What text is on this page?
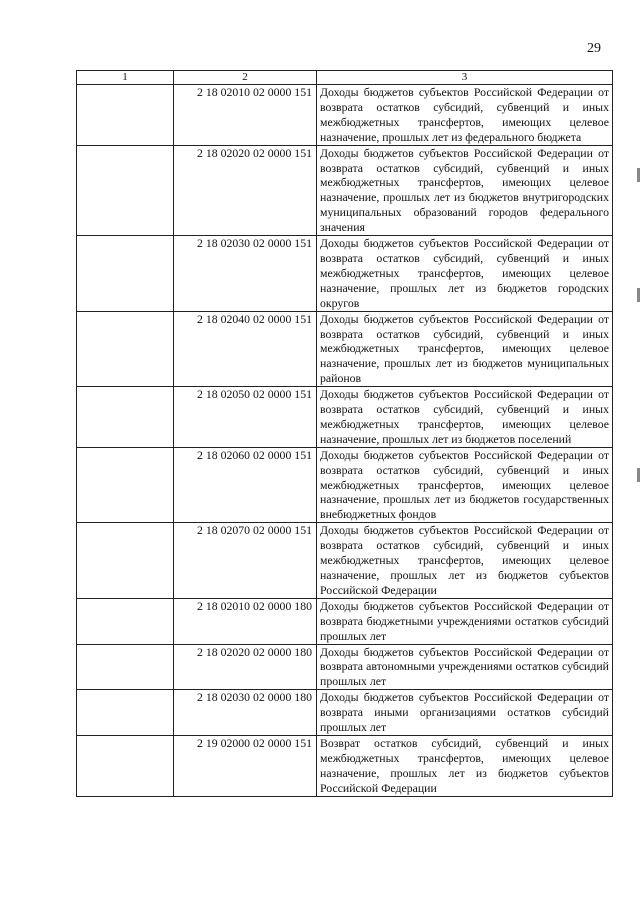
29
1	2	3
	2 18 02010 02 0000 151	Доходы бюджетов субъектов Российской Федерации от возврата остатков субсидий, субвенций и иных межбюджетных трансфертов, имеющих целевое назначение, прошлых лет из федерального бюджета
	2 18 02020 02 0000 151	Доходы бюджетов субъектов Российской Федерации от возврата остатков субсидий, субвенций и иных межбюджетных трансфертов, имеющих целевое назначение, прошлых лет из бюджетов внутригородских муниципальных образований городов федерального значения
	2 18 02030 02 0000 151	Доходы бюджетов субъектов Российской Федерации от возврата остатков субсидий, субвенций и иных межбюджетных трансфертов, имеющих целевое назначение, прошлых лет из бюджетов городских округов
	2 18 02040 02 0000 151	Доходы бюджетов субъектов Российской Федерации от возврата остатков субсидий, субвенций и иных межбюджетных трансфертов, имеющих целевое назначение, прошлых лет из бюджетов муниципальных районов
	2 18 02050 02 0000 151	Доходы бюджетов субъектов Российской Федерации от возврата остатков субсидий, субвенций и иных межбюджетных трансфертов, имеющих целевое назначение, прошлых лет из бюджетов поселений
	2 18 02060 02 0000 151	Доходы бюджетов субъектов Российской Федерации от возврата остатков субсидий, субвенций и иных межбюджетных трансфертов, имеющих целевое назначение, прошлых лет из бюджетов государственных внебюджетных фондов
	2 18 02070 02 0000 151	Доходы бюджетов субъектов Российской Федерации от возврата остатков субсидий, субвенций и иных межбюджетных трансфертов, имеющих целевое назначение, прошлых лет из бюджетов субъектов Российской Федерации
	2 18 02010 02 0000 180	Доходы бюджетов субъектов Российской Федерации от возврата бюджетными учреждениями остатков субсидий прошлых лет
	2 18 02020 02 0000 180	Доходы бюджетов субъектов Российской Федерации от возврата автономными учреждениями остатков субсидий прошлых лет
	2 18 02030 02 0000 180	Доходы бюджетов субъектов Российской Федерации от возврата иными организациями остатков субсидий прошлых лет
	2 19 02000 02 0000 151	Возврат остатков субсидий, субвенций и иных межбюджетных трансфертов, имеющих целевое назначение, прошлых лет из бюджетов субъектов Российской Федерации
